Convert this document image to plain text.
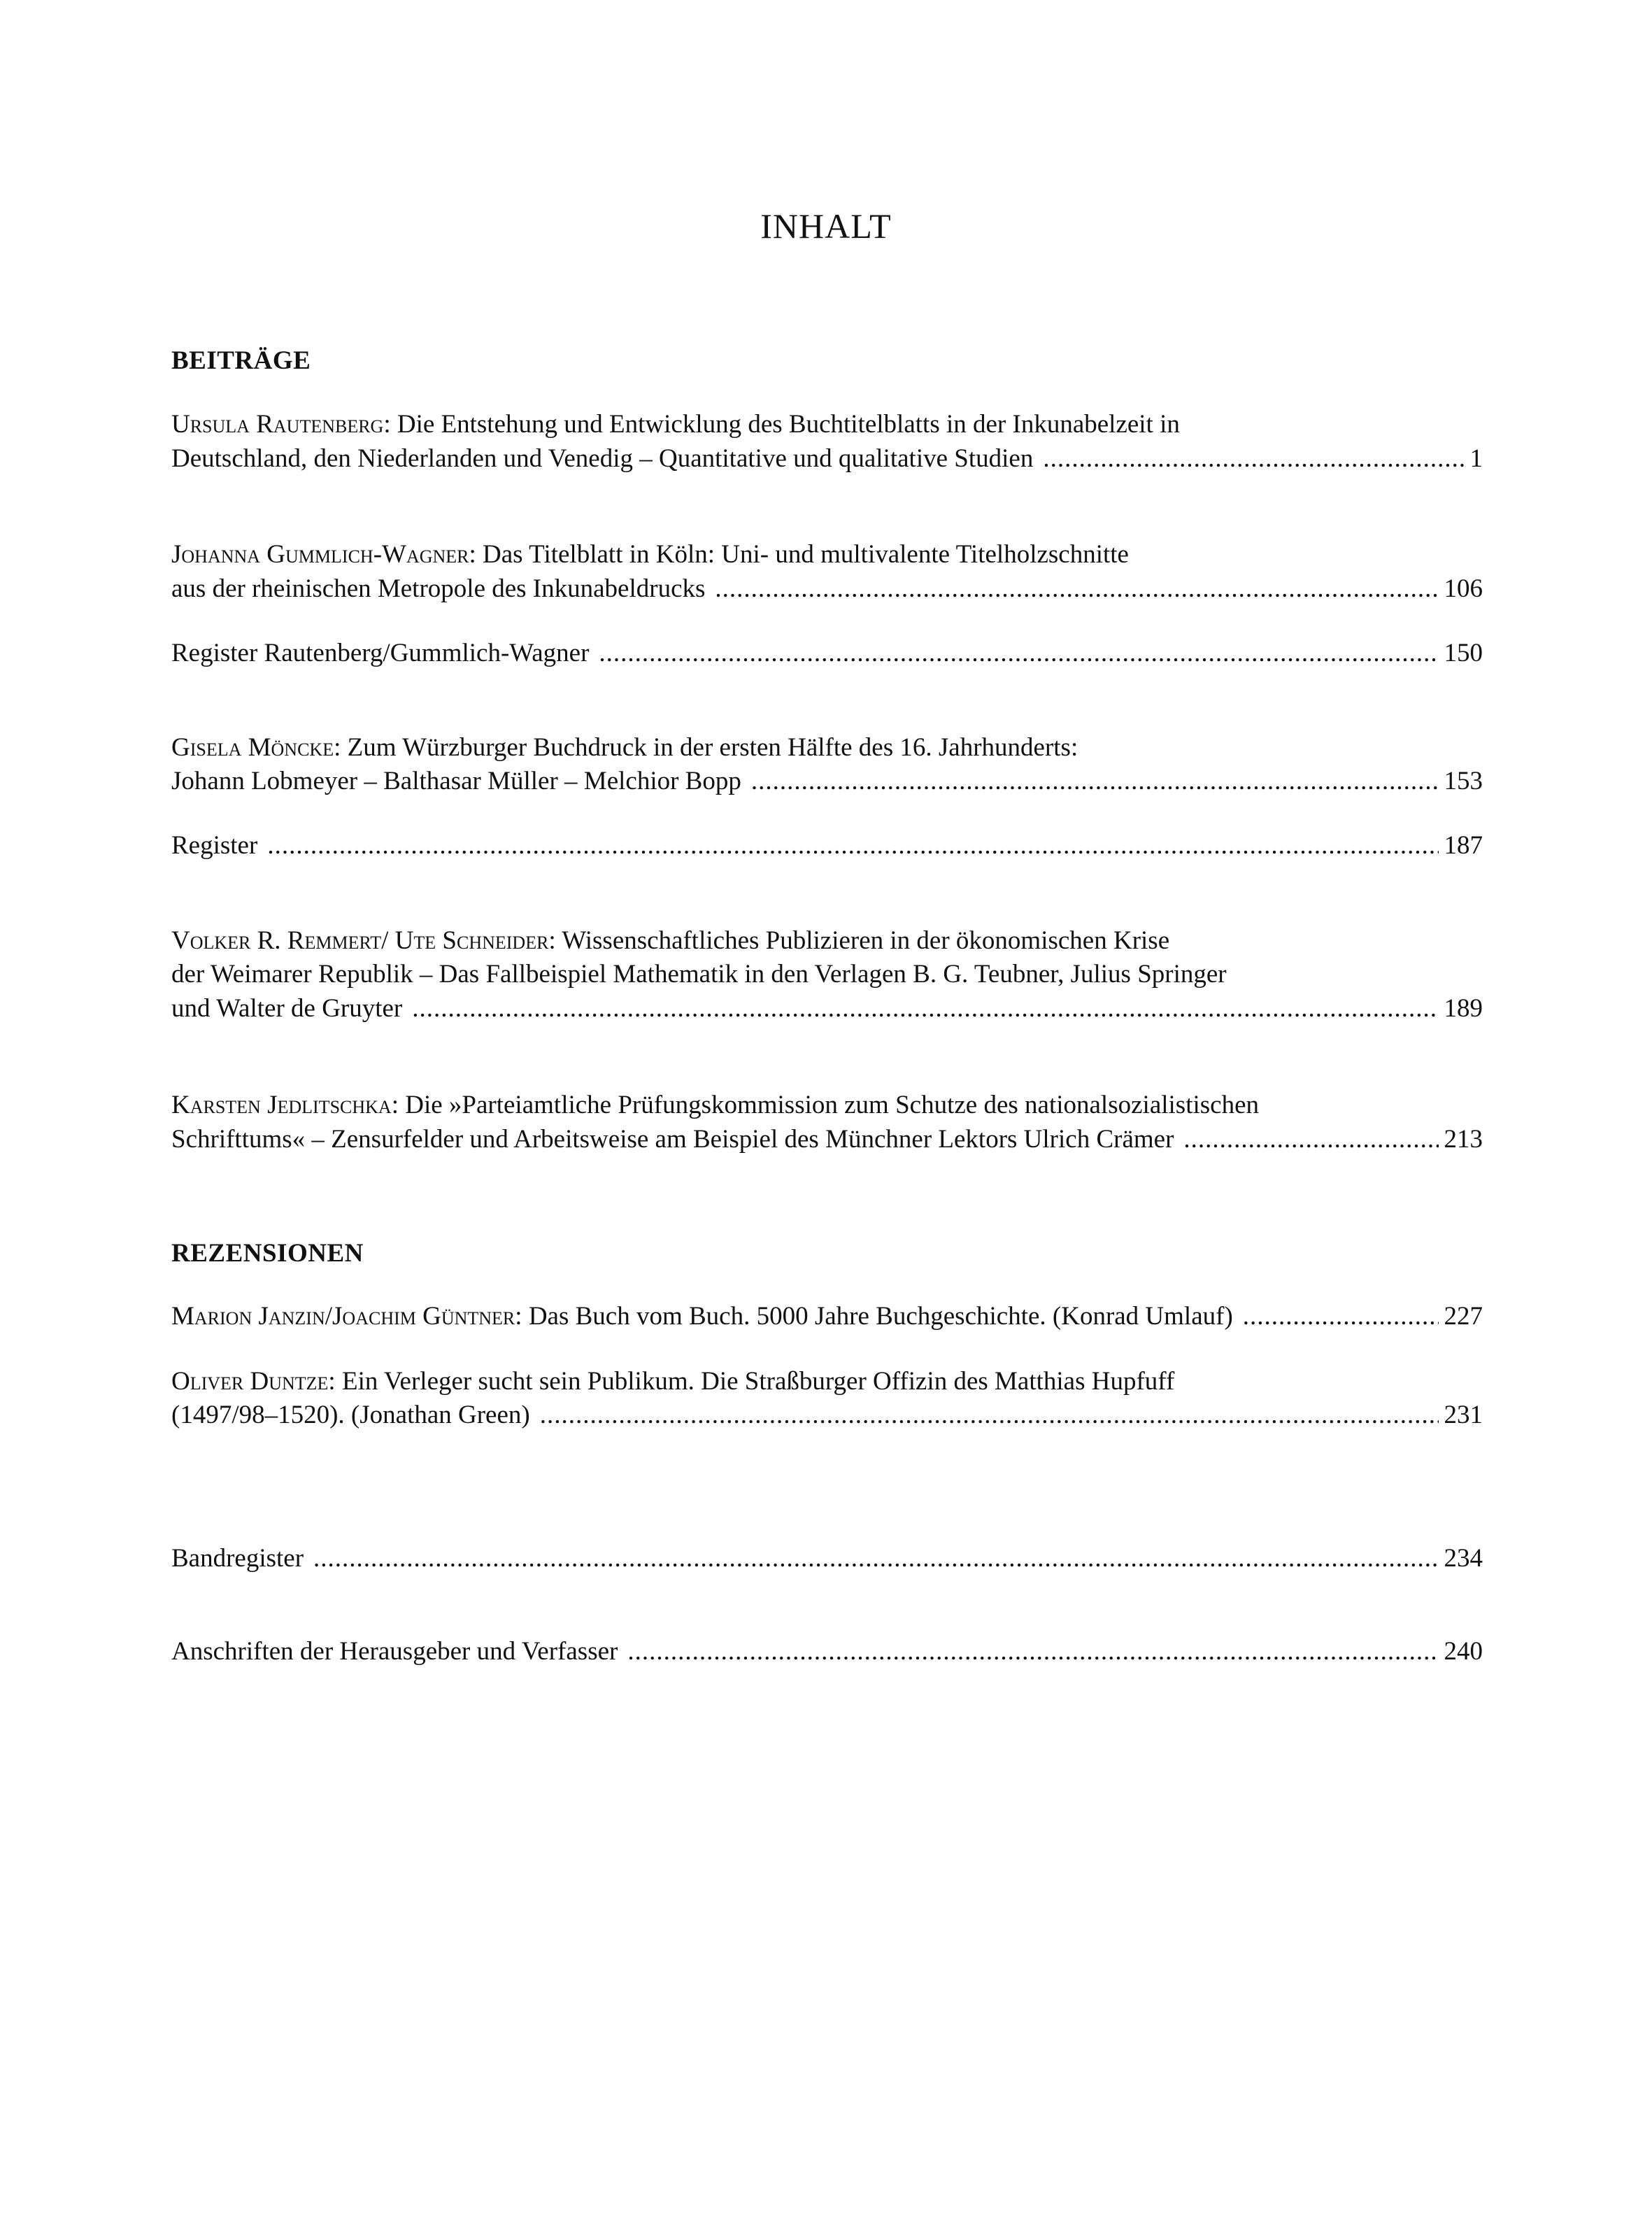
INHALT
BEITRÄGE
Ursula Rautenberg: Die Entstehung und Entwicklung des Buchtitelblatts in der Inkunabelzeit in
Deutschland, den Niederlanden und Venedig – Quantitative und qualitative Studien .....	1
Johanna Gummlich-Wagner: Das Titelblatt in Köln: Uni- und multivalente Titelholzschnitte
aus der rheinischen Metropole des Inkunabeldrucks .....	106
Register Rautenberg/Gummlich-Wagner .....	150
Gisela Möncke: Zum Würzburger Buchdruck in der ersten Hälfte des 16. Jahrhunderts:
Johann Lobmeyer – Balthasar Müller – Melchior Bopp .....	153
Register .....	187
Volker R. Remmert/ Ute Schneider: Wissenschaftliches Publizieren in der ökonomischen Krise
der Weimarer Republik – Das Fallbeispiel Mathematik in den Verlagen B. G. Teubner, Julius Springer
und Walter de Gruyter .....	189
Karsten Jedlitschka: Die »Parteiamtliche Prüfungskommission zum Schutze des nationalsozialistischen
Schrifttums« – Zensurfelder und Arbeitsweise am Beispiel des Münchner Lektors Ulrich Crämer .....	213
REZENSIONEN
Marion Janzin/Joachim Güntner: Das Buch vom Buch. 5000 Jahre Buchgeschichte. (Konrad Umlauf) .....	227
Oliver Duntze: Ein Verleger sucht sein Publikum. Die Straßburger Offizin des Matthias Hupfuff
(1497/98–1520). (Jonathan Green) .....	231
Bandregister .....	234
Anschriften der Herausgeber und Verfasser .....	240
